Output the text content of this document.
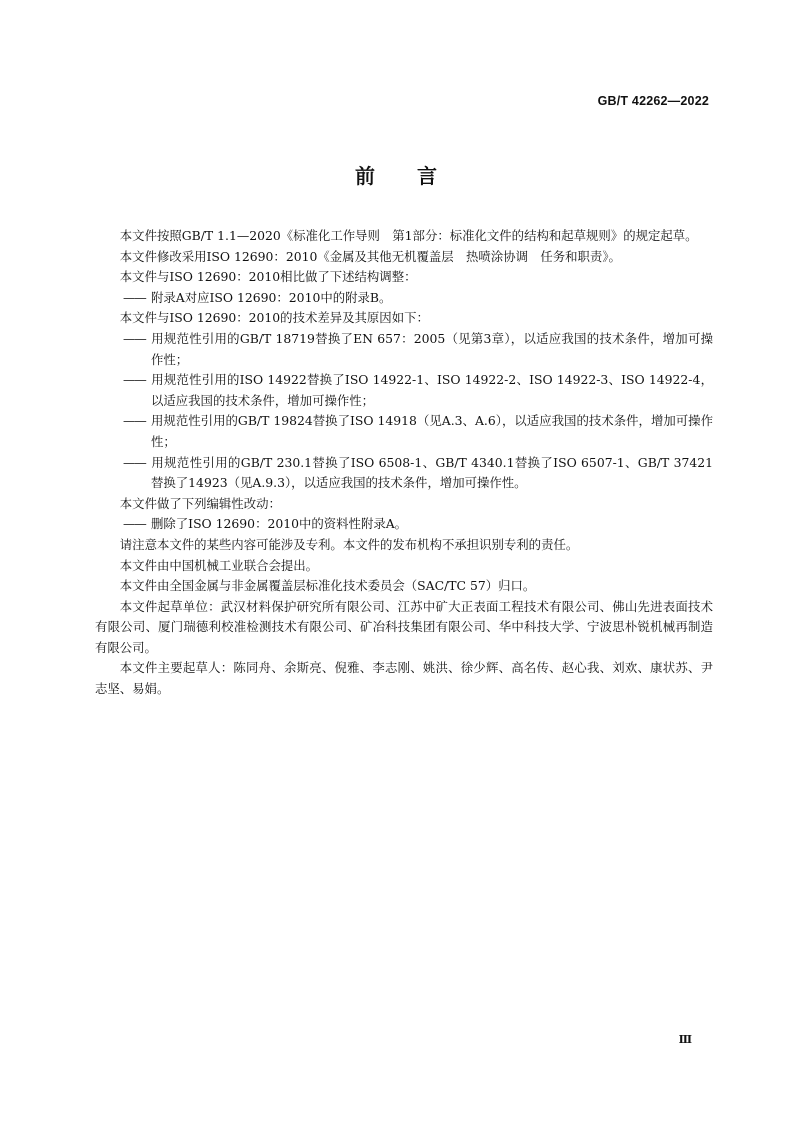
GB/T 42262—2022
前 言

本文件按照GB/T 1.1—2020《标准化工作导则　第1部分：标准化文件的结构和起草规则》的规定起草。

本文件修改采用ISO 12690：2010《金属及其他无机覆盖层　热喷涂协调　任务和职责》。

本文件与ISO 12690：2010相比做了下述结构调整：

—— 附录A对应ISO 12690：2010中的附录B。

本文件与ISO 12690：2010的技术差异及其原因如下：

—— 用规范性引用的GB/T 18719替换了EN 657：2005（见第3章），以适应我国的技术条件，增加可操作性；

—— 用规范性引用的ISO 14922替换了ISO 14922-1、ISO 14922-2、ISO 14922-3、ISO 14922-4，以适应我国的技术条件，增加可操作性；

—— 用规范性引用的GB/T 19824替换了ISO 14918（见A.3、A.6），以适应我国的技术条件，增加可操作性；

—— 用规范性引用的GB/T 230.1替换了ISO 6508-1、GB/T 4340.1替换了ISO 6507-1、GB/T 37421替换了14923（见A.9.3），以适应我国的技术条件，增加可操作性。

本文件做了下列编辑性改动：

—— 删除了ISO 12690：2010中的资料性附录A。

请注意本文件的某些内容可能涉及专利。本文件的发布机构不承担识别专利的责任。

本文件由中国机械工业联合会提出。

本文件由全国金属与非金属覆盖层标准化技术委员会（SAC/TC 57）归口。

本文件起草单位：武汉材料保护研究所有限公司、江苏中矿大正表面工程技术有限公司、佛山先进表面技术有限公司、厦门瑞德利校准检测技术有限公司、矿冶科技集团有限公司、华中科技大学、宁波思朴锐机械再制造有限公司。

本文件主要起草人：陈同舟、余斯亮、倪雅、李志刚、姚洪、徐少辉、高名传、赵心我、刘欢、康状苏、尹志坚、易娟。

Ⅲ
